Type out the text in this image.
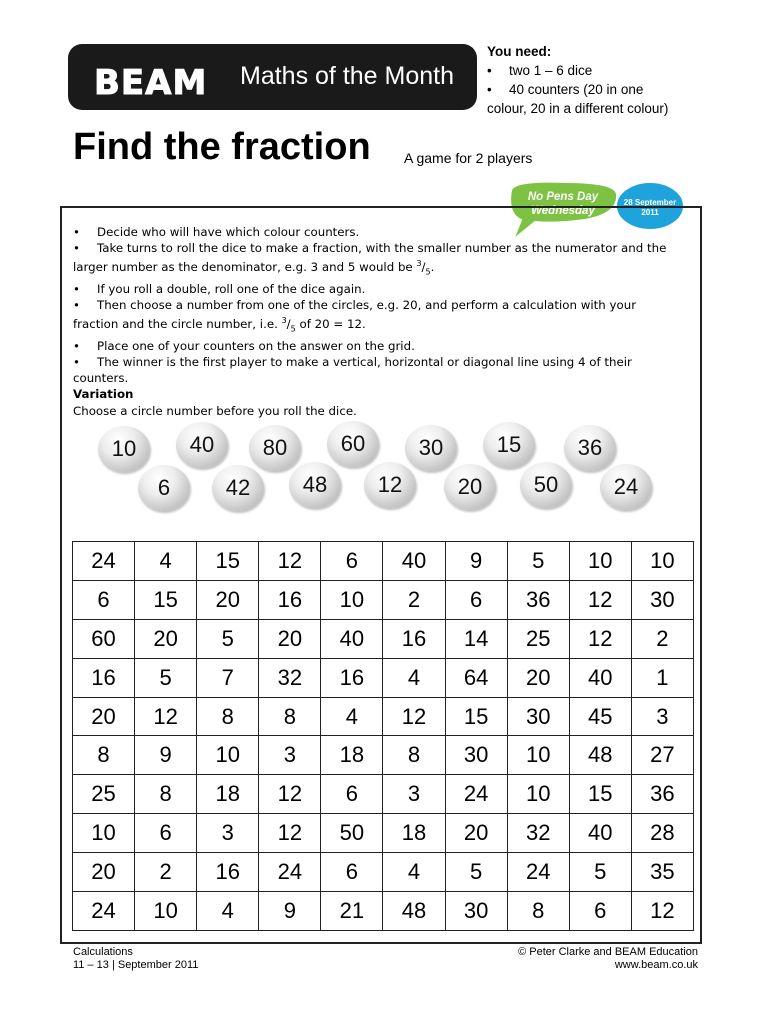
BEAM Maths of the Month
You need:
• two 1 – 6 dice
• 40 counters (20 in one
colour, 20 in a different colour)
Find the fraction A game for 2 players
No Pens Day
Wednesday
28 September
2011
• Decide who will have which colour counters.
• Take turns to roll the dice to make a fraction, with the smaller number as the numerator and the
larger number as the denominator, e.g. 3 and 5 would be $^3/_5$.
• If you roll a double, roll one of the dice again.
• Then choose a number from one of the circles, e.g. 20, and perform a calculation with your
fraction and the circle number, i.e. $^3/_5$ of 20 = 12.
• Place one of your counters on the answer on the grid.
• The winner is the first player to make a vertical, horizontal or diagonal line using 4 of their
counters.
Variation
Choose a circle number before you roll the dice.
10	40	80	60	30	15	36
6	42	48	12	20	50	24
24	4	15	12	6	40	9	5	10	10
6	15	20	16	10	2	6	36	12	30
60	20	5	20	40	16	14	25	12	2
16	5	7	32	16	4	64	20	40	1
20	12	8	8	4	12	15	30	45	3
8	9	10	3	18	8	30	10	48	27
25	8	18	12	6	3	24	10	15	36
10	6	3	12	50	18	20	32	40	28
20	2	16	24	6	4	5	24	5	35
24	10	4	9	21	48	30	8	6	12
Calculations
11 – 13 | September 2011
© Peter Clarke and BEAM Education
www.beam.co.uk
